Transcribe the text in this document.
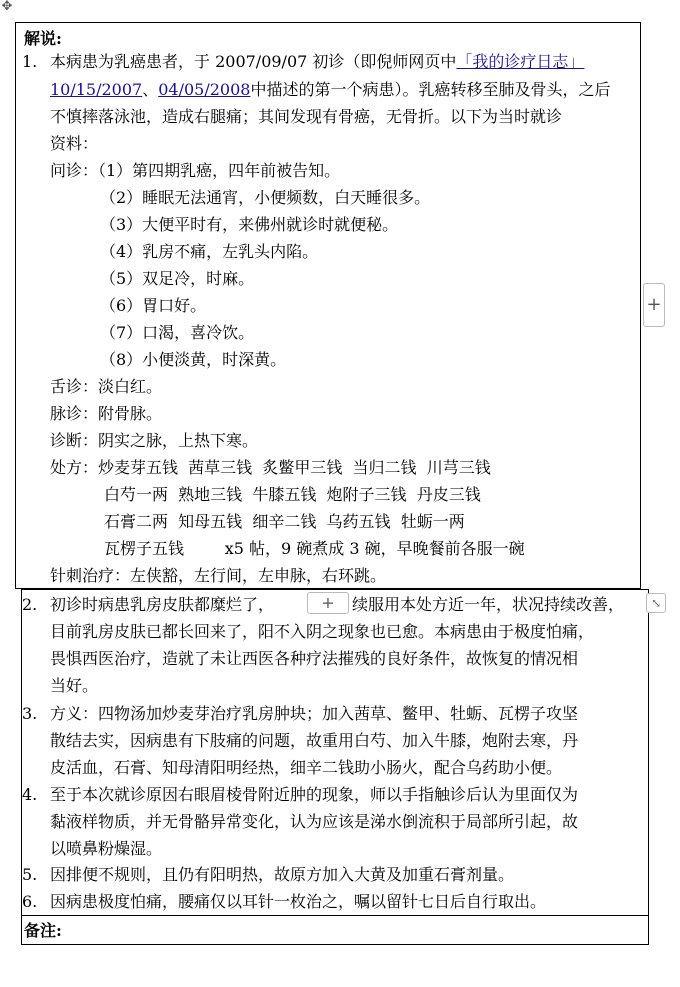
✥
解说:
1. 本病患为乳癌患者，于 2007/09/07 初诊（即倪师网页中「我的诊疗日志」
10/15/2007、04/05/2008中描述的第一个病患）。乳癌转移至肺及骨头，之后
不慎摔落泳池，造成右腿痛；其间发现有骨癌，无骨折。以下为当时就诊
资料：
问诊：（1）第四期乳癌，四年前被告知。
（2）睡眠无法通宵，小便频数，白天睡很多。
（3）大便平时有，来佛州就诊时就便秘。
（4）乳房不痛，左乳头内陷。
（5）双足冷，时麻。
（6）胃口好。
（7）口渴，喜冷饮。
（8）小便淡黄，时深黄。
舌诊：淡白红。
脉诊：附骨脉。
诊断：阴实之脉，上热下寒。
处方：炒麦芽五钱  茜草三钱  炙鳖甲三钱  当归二钱  川芎三钱
白芍一两  熟地三钱  牛膝五钱  炮附子三钱  丹皮三钱
石膏二两  知母五钱  细辛二钱  乌药五钱  牡蛎一两
瓦楞子五钱        x5 帖，9 碗煮成 3 碗，早晚餐前各服一碗
针刺治疗：左侠豁，左行间，左申脉，右环跳。
+
2. 初诊时病患乳房皮肤都糜烂了，	续服用本处方近一年，状况持续改善，
目前乳房皮肤已都长回来了，阳不入阴之现象也已愈。本病患由于极度怕痛，
畏惧西医治疗，造就了未让西医各种疗法摧残的良好条件，故恢复的情况相
当好。
3. 方义：四物汤加炒麦芽治疗乳房肿块；加入茜草、鳖甲、牡蛎、瓦楞子攻坚
散结去实，因病患有下肢痛的问题，故重用白芍、加入牛膝，炮附去寒，丹
皮活血，石膏、知母清阳明经热，细辛二钱助小肠火，配合乌药助小便。
4. 至于本次就诊原因右眼眉棱骨附近肿的现象，师以手指触诊后认为里面仅为
黏液样物质，并无骨骼异常变化，认为应该是涕水倒流积于局部所引起，故
以喷鼻粉燥湿。
5. 因排便不规则，且仍有阳明热，故原方加入大黄及加重石膏剂量。
6. 因病患极度怕痛，腰痛仅以耳针一枚治之，嘱以留针七日后自行取出。
备注:
+	⤡
